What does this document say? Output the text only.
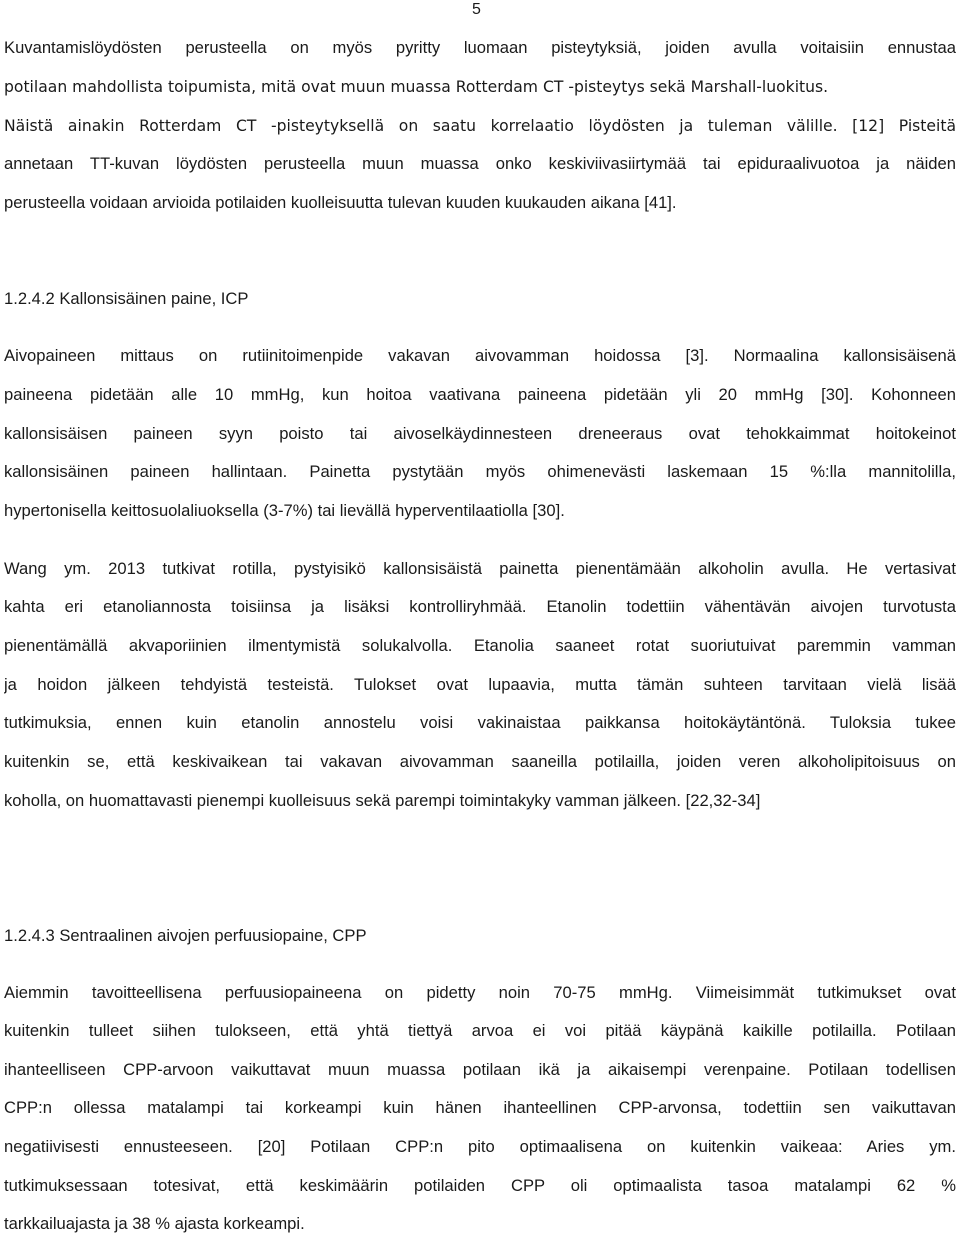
5
Kuvantamislöydösten perusteella on myös pyritty luomaan pisteytyksiä, joiden avulla voitaisiin ennustaa
potilaan mahdollista toipumista, mitä ovat muun muassa Rotterdam CT -pisteytys sekä Marshall-luokitus.
Näistä ainakin Rotterdam CT -pisteytyksellä on saatu korrelaatio löydösten ja tuleman välille. [12] Pisteitä
annetaan TT-kuvan löydösten perusteella muun muassa onko keskiviivasiirtymää tai epiduraalivuotoa ja näiden
perusteella voidaan arvioida potilaiden kuolleisuutta tulevan kuuden kuukauden aikana [41].
1.2.4.2 Kallonsisäinen paine, ICP
Aivopaineen mittaus on rutiinitoimenpide vakavan aivovamman hoidossa [3]. Normaalina kallonsisäisenä
paineena pidetään alle 10 mmHg, kun hoitoa vaativana paineena pidetään yli 20 mmHg [30]. Kohonneen
kallonsisäisen paineen syyn poisto tai aivoselkäydinnesteen dreneeraus ovat tehokkaimmat hoitokeinot
kallonsisäinen paineen hallintaan. Painetta pystytään myös ohimenevästi laskemaan 15 %:lla mannitolilla,
hypertonisella keittosuolaliuoksella (3-7%) tai lievällä hyperventilaatiolla [30].
Wang ym. 2013 tutkivat rotilla, pystyisikö kallonsisäistä painetta pienentämään alkoholin avulla. He vertasivat
kahta eri etanoliannosta toisiinsa ja lisäksi kontrolliryhmää. Etanolin todettiin vähentävän aivojen turvotusta
pienentämällä akvaporiinien ilmentymistä solukalvolla. Etanolia saaneet rotat suoriutuivat paremmin vamman
ja hoidon jälkeen tehdyistä testeistä. Tulokset ovat lupaavia, mutta tämän suhteen tarvitaan vielä lisää
tutkimuksia, ennen kuin etanolin annostelu voisi vakinaistaa paikkansa hoitokäytäntönä. Tuloksia tukee
kuitenkin se, että keskivaikean tai vakavan aivovamman saaneilla potilailla, joiden veren alkoholipitoisuus on
koholla, on huomattavasti pienempi kuolleisuus sekä parempi toimintakyky vamman jälkeen. [22,32-34]
1.2.4.3 Sentraalinen aivojen perfuusiopaine, CPP
Aiemmin tavoitteellisena perfuusiopaineena on pidetty noin 70-75 mmHg. Viimeisimmät tutkimukset ovat
kuitenkin tulleet siihen tulokseen, että yhtä tiettyä arvoa ei voi pitää käypänä kaikille potilailla. Potilaan
ihanteelliseen CPP-arvoon vaikuttavat muun muassa potilaan ikä ja aikaisempi verenpaine. Potilaan todellisen
CPP:n ollessa matalampi tai korkeampi kuin hänen ihanteellinen CPP-arvonsa, todettiin sen vaikuttavan
negatiivisesti ennusteeseen. [20] Potilaan CPP:n pito optimaalisena on kuitenkin vaikeaa: Aries ym.
tutkimuksessaan totesivat, että keskimäärin potilaiden CPP oli optimaalista tasoa matalampi 62 %
tarkkailuajasta ja 38 % ajasta korkeampi.
